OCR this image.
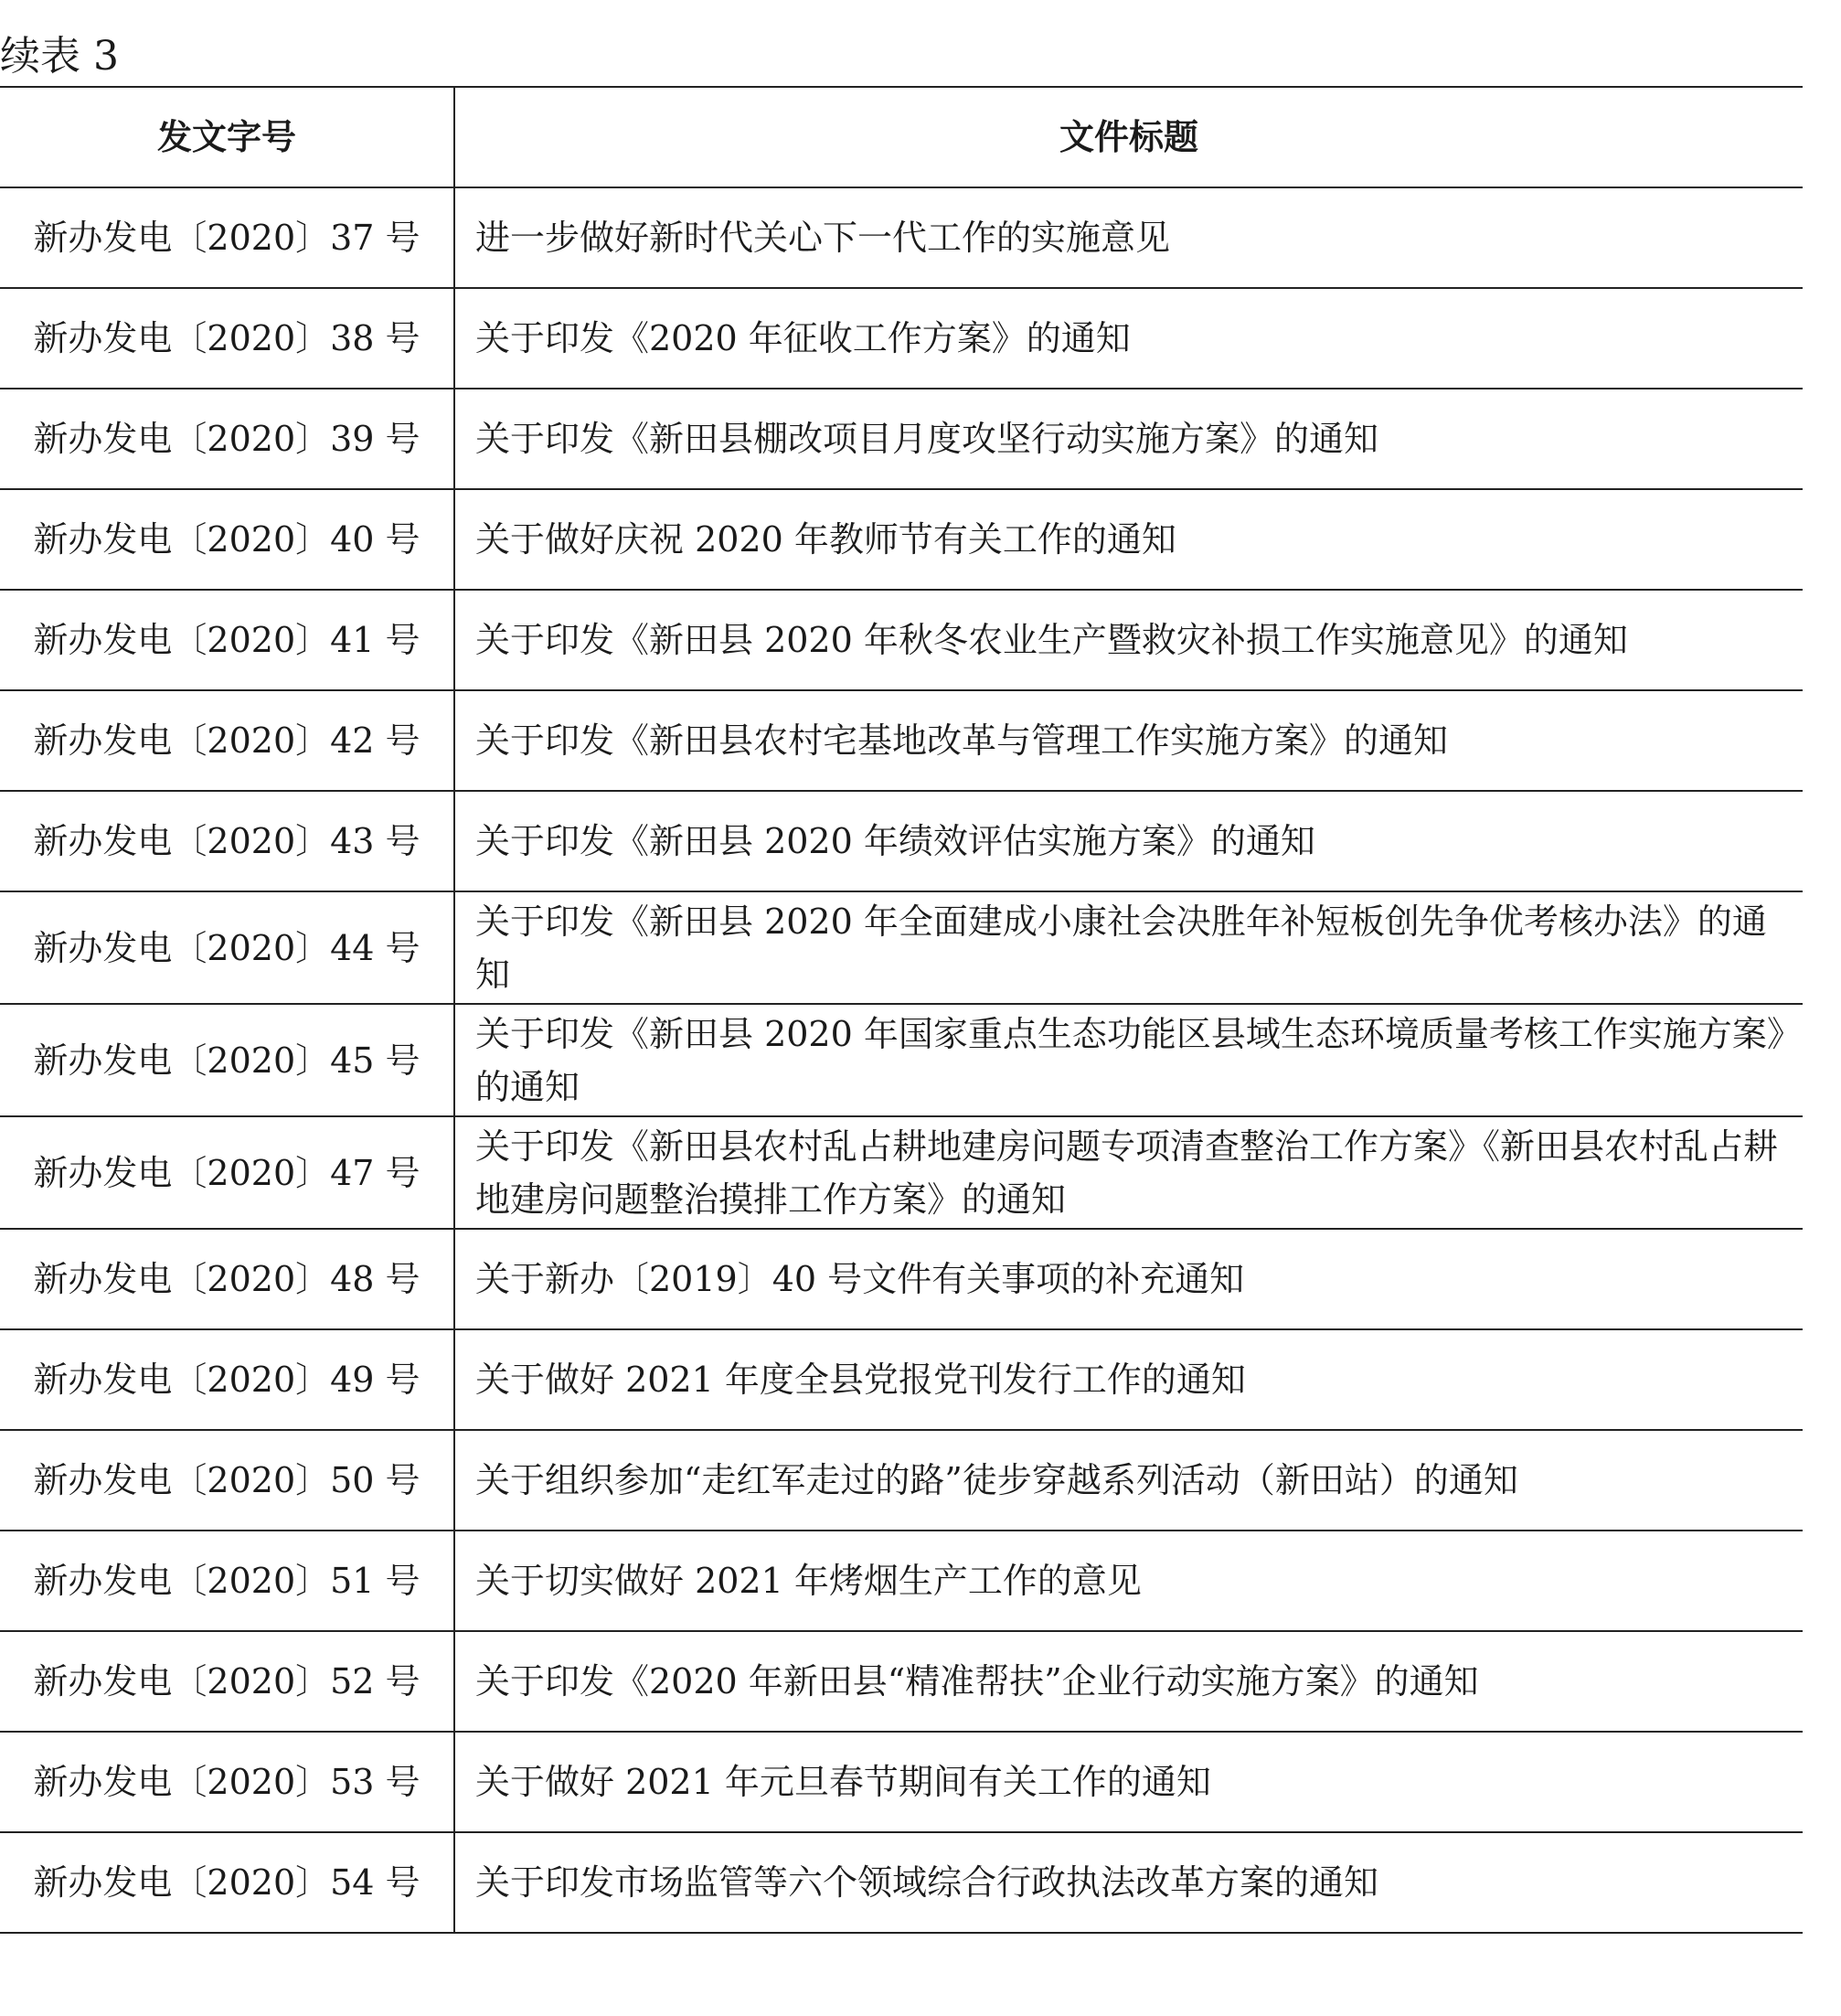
续表 3
发文字号	文件标题
新办发电〔2020〕37 号	进一步做好新时代关心下一代工作的实施意见
新办发电〔2020〕38 号	关于印发《2020 年征收工作方案》的通知
新办发电〔2020〕39 号	关于印发《新田县棚改项目月度攻坚行动实施方案》的通知
新办发电〔2020〕40 号	关于做好庆祝 2020 年教师节有关工作的通知
新办发电〔2020〕41 号	关于印发《新田县 2020 年秋冬农业生产暨救灾补损工作实施意见》的通知
新办发电〔2020〕42 号	关于印发《新田县农村宅基地改革与管理工作实施方案》的通知
新办发电〔2020〕43 号	关于印发《新田县 2020 年绩效评估实施方案》的通知
新办发电〔2020〕44 号	关于印发《新田县 2020 年全面建成小康社会决胜年补短板创先争优考核办法》的通知
新办发电〔2020〕45 号	关于印发《新田县 2020 年国家重点生态功能区县域生态环境质量考核工作实施方案》的通知
新办发电〔2020〕47 号	关于印发《新田县农村乱占耕地建房问题专项清查整治工作方案》《新田县农村乱占耕地建房问题整治摸排工作方案》的通知
新办发电〔2020〕48 号	关于新办〔2019〕40 号文件有关事项的补充通知
新办发电〔2020〕49 号	关于做好 2021 年度全县党报党刊发行工作的通知
新办发电〔2020〕50 号	关于组织参加“走红军走过的路”徒步穿越系列活动（新田站）的通知
新办发电〔2020〕51 号	关于切实做好 2021 年烤烟生产工作的意见
新办发电〔2020〕52 号	关于印发《2020 年新田县“精准帮扶”企业行动实施方案》的通知
新办发电〔2020〕53 号	关于做好 2021 年元旦春节期间有关工作的通知
新办发电〔2020〕54 号	关于印发市场监管等六个领域综合行政执法改革方案的通知
